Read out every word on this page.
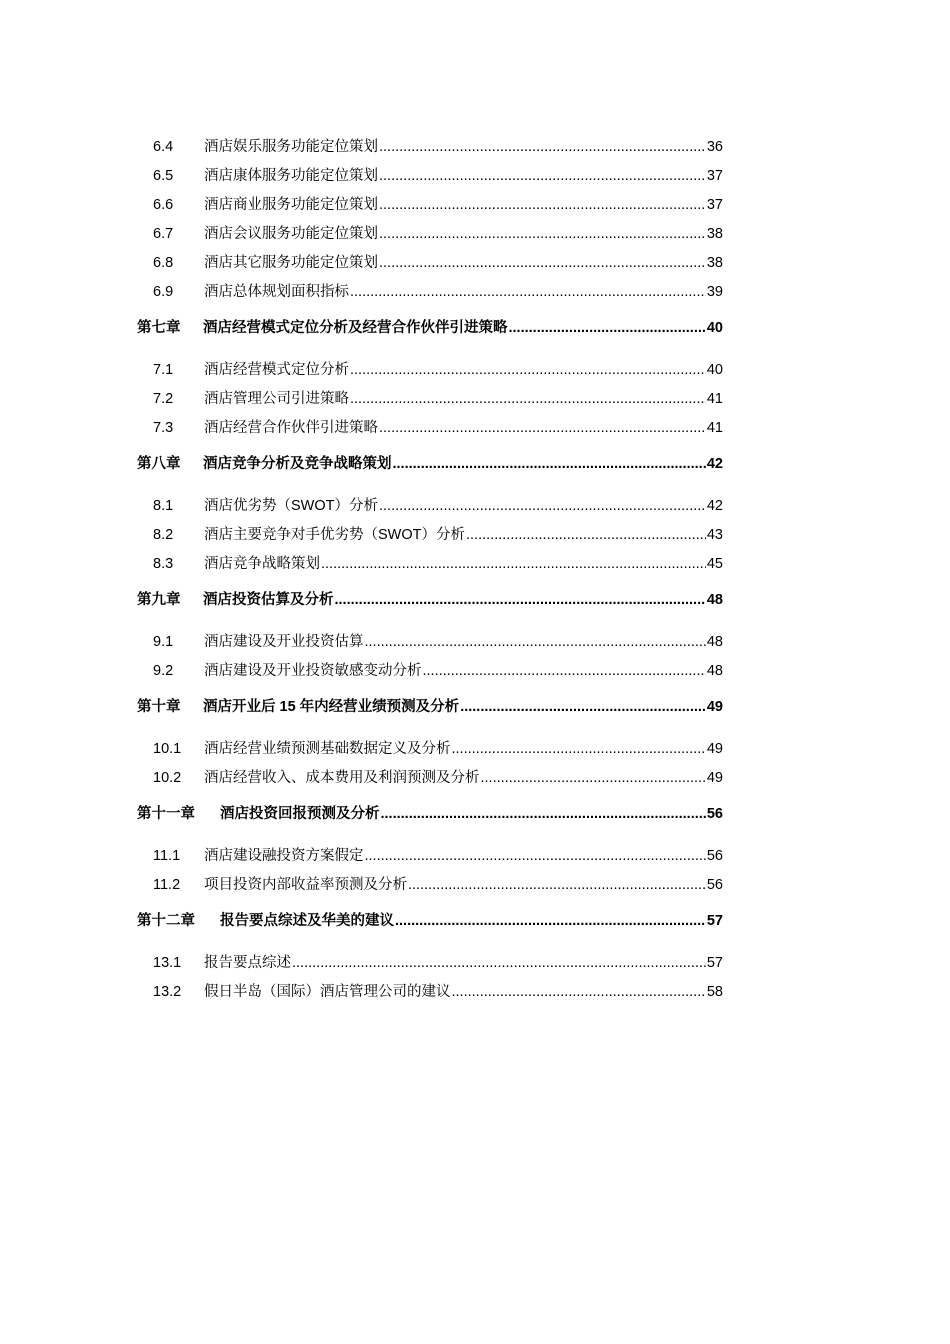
6.4	酒店娱乐服务功能定位策划 .....	36
6.5	酒店康体服务功能定位策划 .....	37
6.6	酒店商业服务功能定位策划 .....	37
6.7	酒店会议服务功能定位策划 .....	38
6.8	酒店其它服务功能定位策划 .....	38
6.9	酒店总体规划面积指标 .....	39
第七章	酒店经营模式定位分析及经营合作伙伴引进策略 .....	40
7.1	酒店经营模式定位分析 .....	40
7.2	酒店管理公司引进策略 .....	41
7.3	酒店经营合作伙伴引进策略 .....	41
第八章	酒店竞争分析及竞争战略策划 .....	42
8.1	酒店优劣势（SWOT）分析 .....	42
8.2	酒店主要竞争对手优劣势（SWOT）分析 .....	43
8.3	酒店竞争战略策划 .....	45
第九章	酒店投资估算及分析 .....	48
9.1	酒店建设及开业投资估算 .....	48
9.2	酒店建设及开业投资敏感变动分析 .....	48
第十章	酒店开业后 15 年内经营业绩预测及分析 .....	49
10.1	酒店经营业绩预测基础数据定义及分析 .....	49
10.2	酒店经营收入、成本费用及利润预测及分析 .....	49
第十一章	酒店投资回报预测及分析 .....	56
11.1	酒店建设融投资方案假定 .....	56
11.2	项目投资内部收益率预测及分析 .....	56
第十二章	报告要点综述及华美的建议 .....	57
13.1	报告要点综述 .....	57
13.2	假日半岛（国际）酒店管理公司的建议 .....	58
